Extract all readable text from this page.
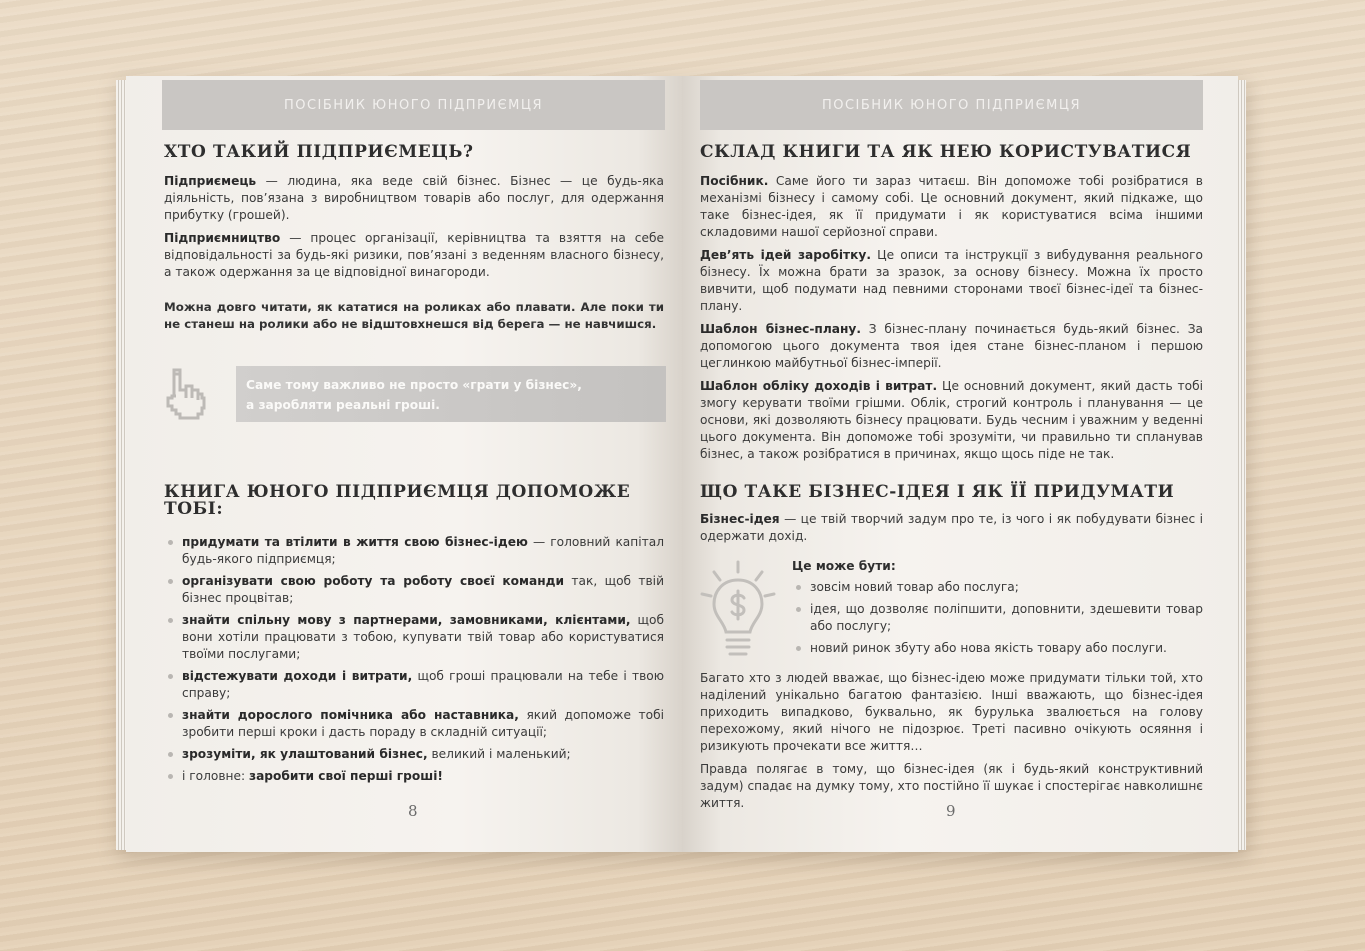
ПОСІБНИК ЮНОГО ПІДПРИЄМЦЯ
ХТО ТАКИЙ ПІДПРИЄМЕЦЬ?

Підприємець — людина, яка веде свій бізнес. Бізнес — це будь-яка діяльність, пов’язана з виробництвом товарів або послуг, для одержання прибутку (грошей).

Підприємництво — процес організації, керівництва та взяття на себе відповідальності за будь-які ризики, пов’язані з веденням власного бізнесу, а також одержання за це відповідної винагороди.

Можна довго читати, як кататися на роликах або плавати. Але поки ти не станеш на ролики або не відштовхнешся від берега — не навчишся.

Саме тому важливо не просто «грати у бізнес»,
а заробляти реальні гроші.
КНИГА ЮНОГО ПІДПРИЄМЦЯ ДОПОМОЖЕ ТОБІ:
придумати та втілити в життя свою бізнес-ідею — головний капітал будь-якого підприємця;
організувати свою роботу та роботу своєї команди так, щоб твій бізнес процвітав;
знайти спільну мову з партнерами, замовниками, клієнтами, щоб вони хотіли працювати з тобою, купувати твій товар або користуватися твоїми послугами;
відстежувати доходи і витрати, щоб гроші працювали на тебе і твою справу;
знайти дорослого помічника або наставника, який допоможе тобі зробити перші кроки і дасть пораду в складній ситуації;
зрозуміти, як улаштований бізнес, великий і маленький;
і головне: заробити свої перші гроші!
8
ПОСІБНИК ЮНОГО ПІДПРИЄМЦЯ
СКЛАД КНИГИ ТА ЯК НЕЮ КОРИСТУВАТИСЯ

Посібник. Саме його ти зараз читаєш. Він допоможе тобі розібратися в механізмі бізнесу і самому собі. Це основний документ, який підкаже, що таке бізнес-ідея, як її придумати і як користуватися всіма іншими складовими нашої серйозної справи.

Дев’ять ідей заробітку. Це описи та інструкції з вибудування реального бізнесу. Їх можна брати за зразок, за основу бізнесу. Можна їх просто вивчити, щоб подумати над певними сторонами твоєї бізнес-ідеї та бізнес-плану.

Шаблон бізнес-плану. З бізнес-плану починається будь-який бізнес. За допомогою цього документа твоя ідея стане бізнес-планом і першою цеглинкою майбутньої бізнес-імперії.

Шаблон обліку доходів і витрат. Це основний документ, який дасть тобі змогу керувати твоїми грішми. Облік, строгий контроль і планування — це основи, які дозволяють бізнесу працювати. Будь чесним і уважним у веденні цього документа. Він допоможе тобі зрозуміти, чи правильно ти спланував бізнес, а також розібратися в причинах, якщо щось піде не так.

ЩО ТАКЕ БІЗНЕС-ІДЕЯ І ЯК ЇЇ ПРИДУМАТИ

Бізнес-ідея — це твій творчий задум про те, із чого і як побудувати бізнес і одержати дохід.

Це може бути:
зовсім новий товар або послуга;
ідея, що дозволяє поліпшити, доповнити, здешевити товар або послугу;
новий ринок збуту або нова якість товару або послуги.

Багато хто з людей вважає, що бізнес-ідею може придумати тільки той, хто наділений унікально багатою фантазією. Інші вважають, що бізнес-ідея приходить випадково, буквально, як бурулька звалюється на голову перехожому, який нічого не підозрює. Треті пасивно очікують осяяння і ризикують прочекати все життя…

Правда полягає в тому, що бізнес-ідея (як і будь-який конструктивний задум) спадає на думку тому, хто постійно її шукає і спостерігає навколишнє життя.	9
